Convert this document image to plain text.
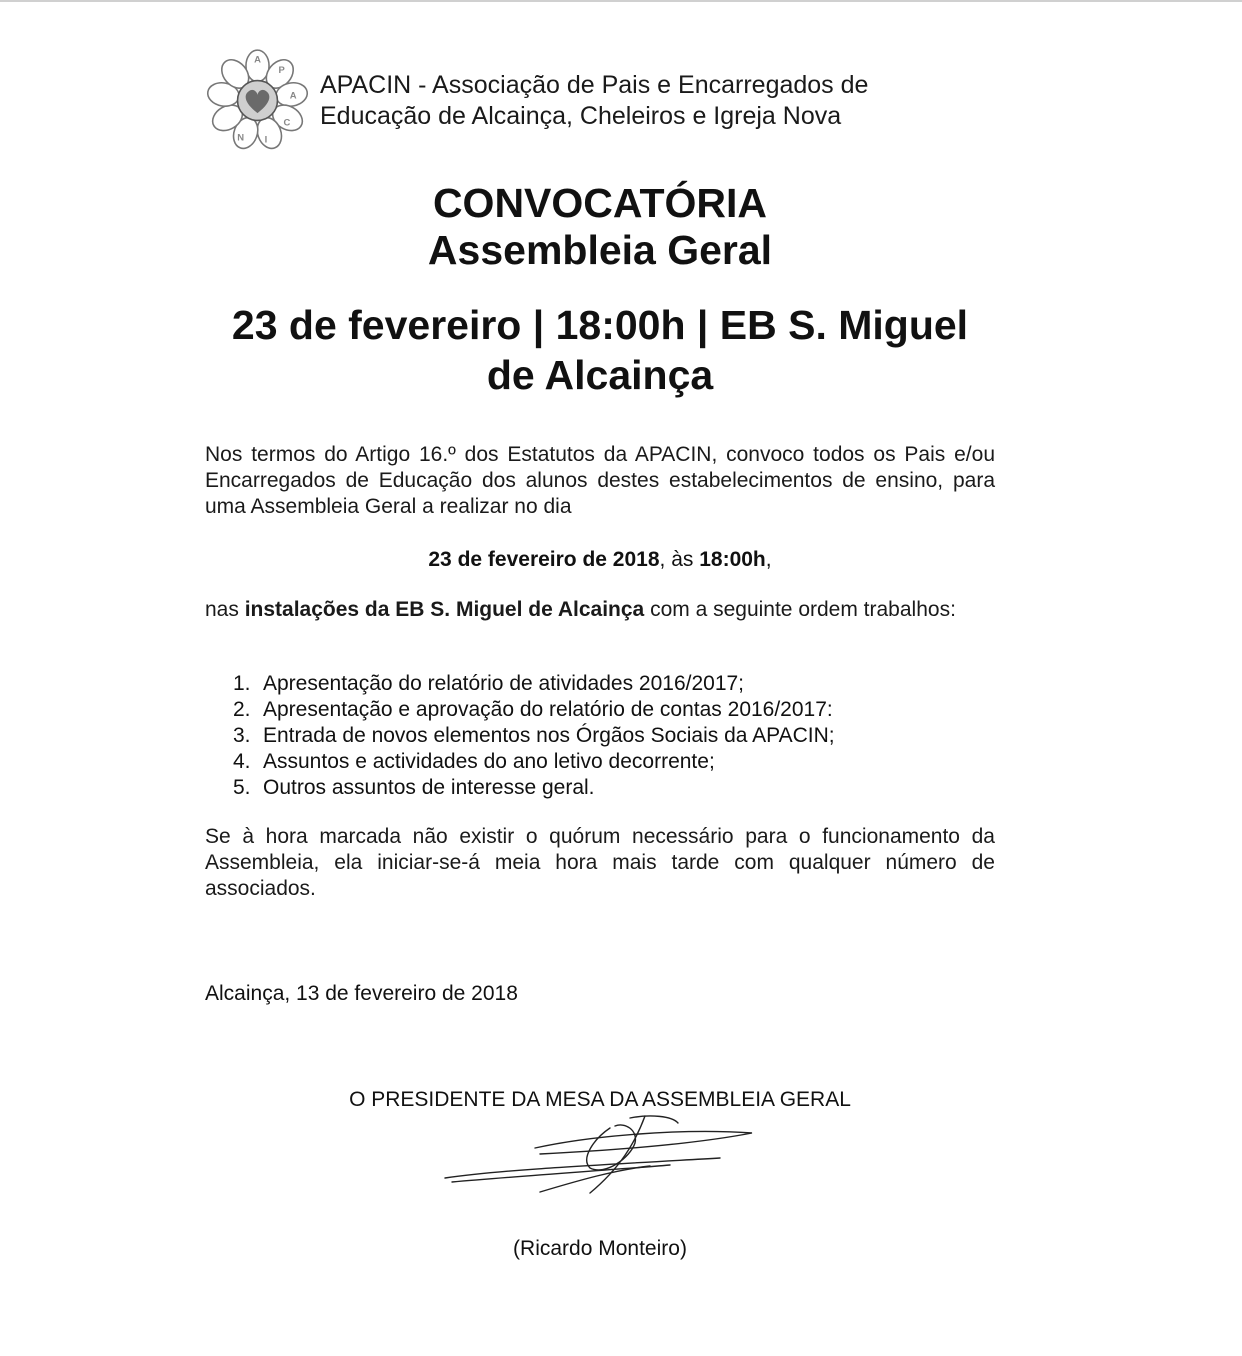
A
P
A
C
I
N
APACIN - Associação de Pais e Encarregados de
Educação de Alcainça, Cheleiros e Igreja Nova
CONVOCATÓRIA
Assembleia Geral
23 de fevereiro | 18:00h | EB S. Miguel
de Alcainça
Nos termos do Artigo 16.º dos Estatutos da APACIN, convoco todos os Pais e/ou Encarregados de Educação dos alunos destes estabelecimentos de ensino, para uma Assembleia Geral a realizar no dia
23 de fevereiro de 2018, às 18:00h,
nas instalações da EB S. Miguel de Alcainça com a seguinte ordem trabalhos:
1. Apresentação do relatório de atividades 2016/2017;
2. Apresentação e aprovação do relatório de contas 2016/2017:
3. Entrada de novos elementos nos Órgãos Sociais da APACIN;
4. Assuntos e actividades do ano letivo decorrente;
5. Outros assuntos de interesse geral.
Se à hora marcada não existir o quórum necessário para o funcionamento da Assembleia, ela iniciar-se-á meia hora mais tarde com qualquer número de associados.
Alcainça, 13 de fevereiro de 2018
O PRESIDENTE DA MESA DA ASSEMBLEIA GERAL
(Ricardo Monteiro)
